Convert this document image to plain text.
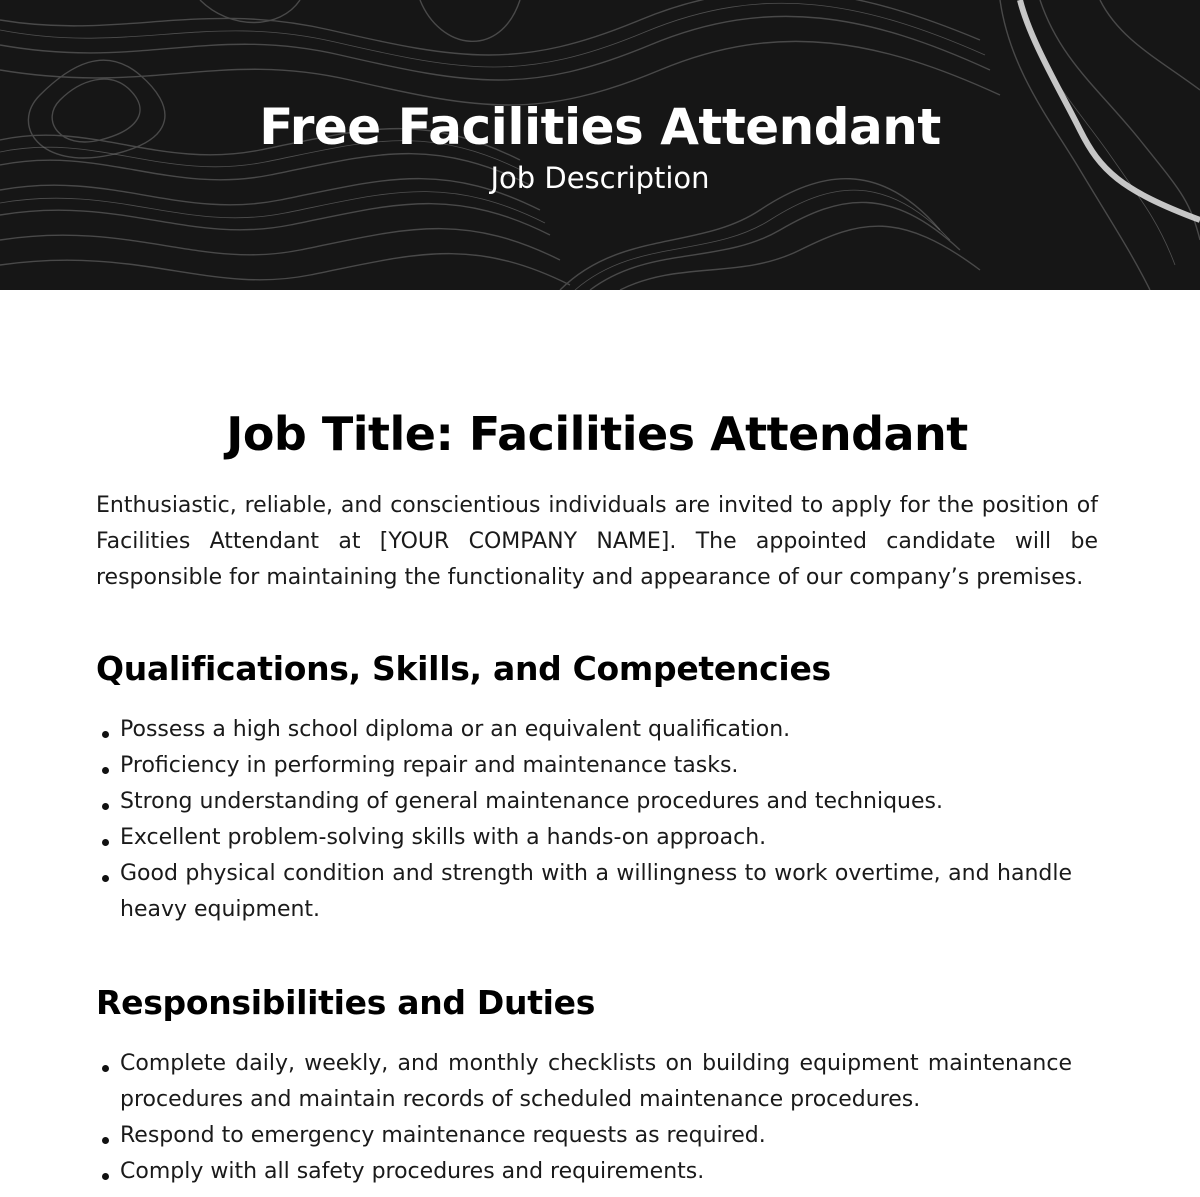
Free Facilities Attendant
Job Description
Job Title: Facilities Attendant

Enthusiastic, reliable, and conscientious individuals are invited to apply for the position of Facilities Attendant at [YOUR COMPANY NAME]. The appointed candidate will be responsible for maintaining the functionality and appearance of our company’s premises.

Qualifications, Skills, and Competencies
Possess a high school diploma or an equivalent qualification.
Proficiency in performing repair and maintenance tasks.
Strong understanding of general maintenance procedures and techniques.
Excellent problem-solving skills with a hands-on approach.
Good physical condition and strength with a willingness to work overtime, and handle heavy equipment.
Responsibilities and Duties
Complete daily, weekly, and monthly checklists on building equipment maintenance procedures and maintain records of scheduled maintenance procedures.
Respond to emergency maintenance requests as required.
Comply with all safety procedures and requirements.
